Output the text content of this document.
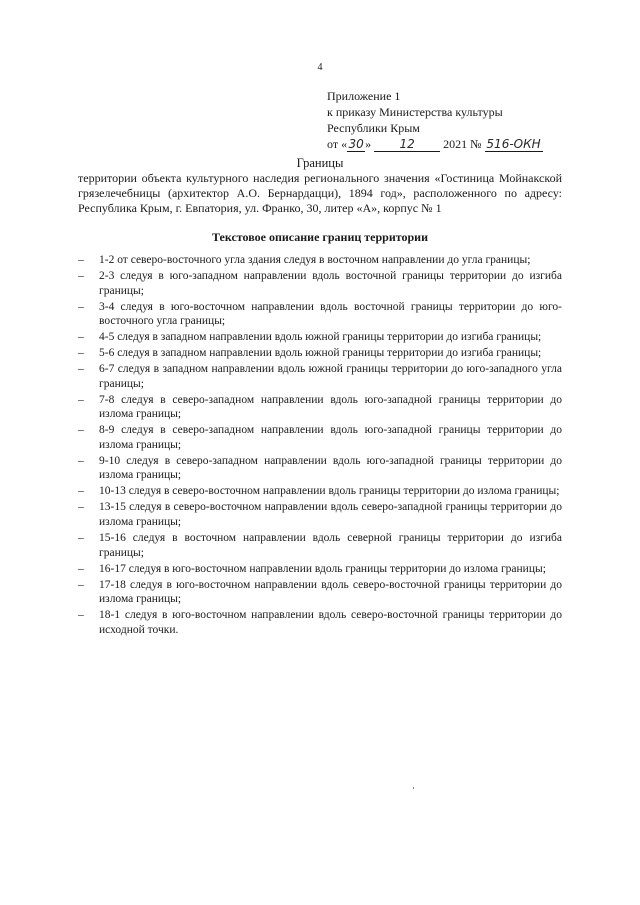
4
Приложение 1
к приказу Министерства культуры
Республики Крым
от «30» 12 2021 № 516-ОКН
Границы
территории объекта культурного наследия регионального значения «Гостиница Мойнакской грязелечебницы (архитектор А.О. Бернардацци), 1894 год», расположенного по адресу: Республика Крым, г. Евпатория, ул. Франко, 30, литер «А», корпус № 1
Текстовое описание границ территории
– 1-2 от северо-восточного угла здания следуя в восточном направлении до угла границы;
– 2-3 следуя в юго-западном направлении вдоль восточной границы территории до изгиба границы;
– 3-4 следуя в юго-восточном направлении вдоль восточной границы территории до юго-восточного угла границы;
– 4-5 следуя в западном направлении вдоль южной границы территории до изгиба границы;
– 5-6 следуя в западном направлении вдоль южной границы территории до изгиба границы;
– 6-7 следуя в западном направлении вдоль южной границы территории до юго-западного угла границы;
– 7-8 следуя в северо-западном направлении вдоль юго-западной границы территории до излома границы;
– 8-9 следуя в северо-западном направлении вдоль юго-западной границы территории до излома границы;
– 9-10 следуя в северо-западном направлении вдоль юго-западной границы территории до излома границы;
– 10-13 следуя в северо-восточном направлении вдоль границы территории до излома границы;
– 13-15 следуя в северо-восточном направлении вдоль северо-западной границы территории до излома границы;
– 15-16 следуя в восточном направлении вдоль северной границы территории до изгиба границы;
– 16-17 следуя в юго-восточном направлении вдоль границы территории до излома границы;
– 17-18 следуя в юго-восточном направлении вдоль северо-восточной границы территории до излома границы;
– 18-1 следуя в юго-восточном направлении вдоль северо-восточной границы территории до исходной точки.
